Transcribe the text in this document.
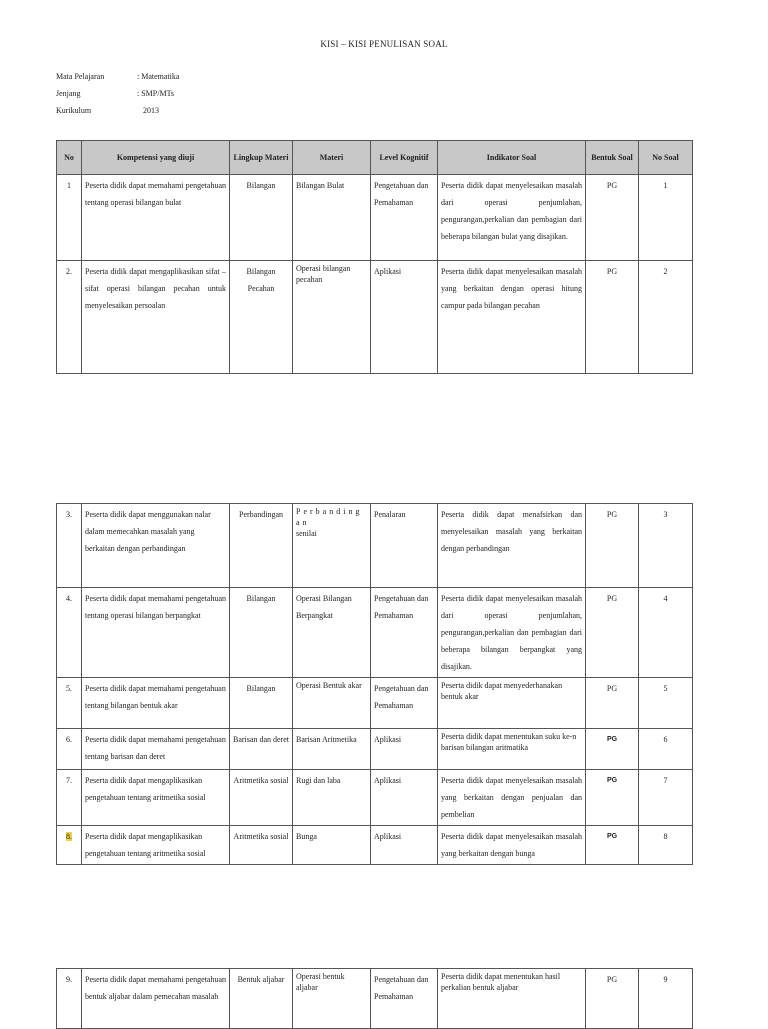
KISI – KISI PENULISAN SOAL
Mata Pelajaran	: Matematika
Jenjang	: SMP/MTs
Kurikulum	2013
No	Kompetensi yang diuji	Lingkup Materi	Materi	Level Kognitif	Indikator Soal	Bentuk Soal	No Soal
1	Peserta didik dapat memahami pengetahuan tentang operasi bilangan bulat	Bilangan	Bilangan Bulat	Pengetahuan dan Pemahaman	Peserta didik dapat menyelesaikan masalah dari operasi penjumlahan, pengurangan,perkalian dan pembagian dari beberapa bilangan bulat yang disajikan.	PG	1
2.	Peserta didik dapat mengaplikasikan sifat – sifat operasi bilangan pecahan untuk menyelesaikan persoalan	Bilangan Pecahan	Operasi bilangan pecahan	Aplikasi	Peserta didik dapat menyelesaikan masalah yang berkaitan dengan operasi hitung campur pada bilangan pecahan	PG	2
3.	Peserta didik dapat menggunakan nalar dalam memecahkan masalah yang berkaitan dengan perbandingan	Perbandingan	Perbandingan
senilai	Penalaran	Peserta didik dapat menafsirkan dan menyelesaikan masalah yang berkaitan dengan perbandingan	PG	3
4.	Peserta didik dapat memahami pengetahuan tentang operasi bilangan berpangkat	Bilangan	Operasi Bilangan Berpangkat	Pengetahuan dan Pemahaman	Peserta didik dapat menyelesaikan masalah dari operasi penjumlahan, pengurangan,perkalian dan pembagian dari beberapa bilangan berpangkat yang disajikan.	PG	4
5.	Peserta didik dapat memahami pengetahuan tentang bilangan bentuk akar	Bilangan	Operasi Bentuk akar	Pengetahuan dan Pemahaman	Peserta didik dapat menyederhanakan bentuk akar	PG	5
6.	Peserta didik dapat memahami pengetahuan tentang barisan dan deret	Barisan dan deret	Barisan Aritmetika	Aplikasi	Peserta didik dapat menentukan suku ke-n barisan bilangan aritmatika	PG	6
7.	Peserta didik dapat mengaplikasikan pengetahuan tentang aritmetika sosial	Aritmetika sosial	Rugi dan laba	Aplikasi	Peserta didik dapat menyelesaikan masalah yang berkaitan dengan penjualan dan pembelian	PG	7
8.	Peserta didik dapat mengaplikasikan pengetahuan tentang aritmetika sosial	Aritmetika sosial	Bunga	Aplikasi	Peserta didik dapat menyelesaikan masalah yang berkaitan dengan bunga	PG	8
9.	Peserta didik dapat memahami pengetahuan bentuk aljabar dalam pemecahan masalah	Bentuk aljabar	Operasi bentuk aljabar	Pengetahuan dan Pemahaman	Peserta didik dapat menentukan hasil perkalian bentuk aljabar	PG	9
